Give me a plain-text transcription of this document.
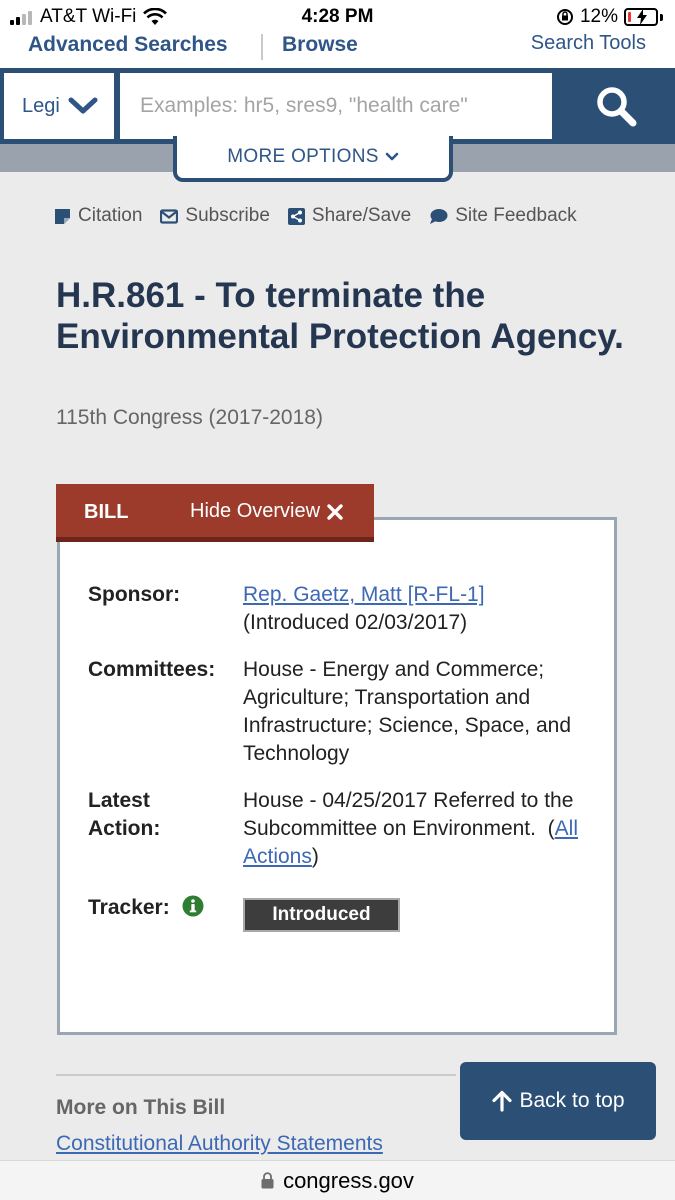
AT&T Wi-Fi	4:28 PM	12%
Advanced Searches	Browse	Search Tools
Legi
Examples: hr5, sres9, "health care"
MORE OPTIONS
Citation Subscribe Share/Save Site Feedback
H.R.861 - To terminate the Environmental Protection Agency.
115th Congress (2017-2018)
BILL	Hide Overview
Sponsor:	Rep. Gaetz, Matt [R-FL-1]
(Introduced 02/03/2017)
Committees: House - Energy and Commerce; Agriculture; Transportation and Infrastructure; Science, Space, and Technology
Latest
Action:
House - 04/25/2017 Referred to the Subcommittee on Environment. (All Actions)
Tracker:	Introduced
More on This Bill
Constitutional Authority Statements
Back to top
congress.gov
